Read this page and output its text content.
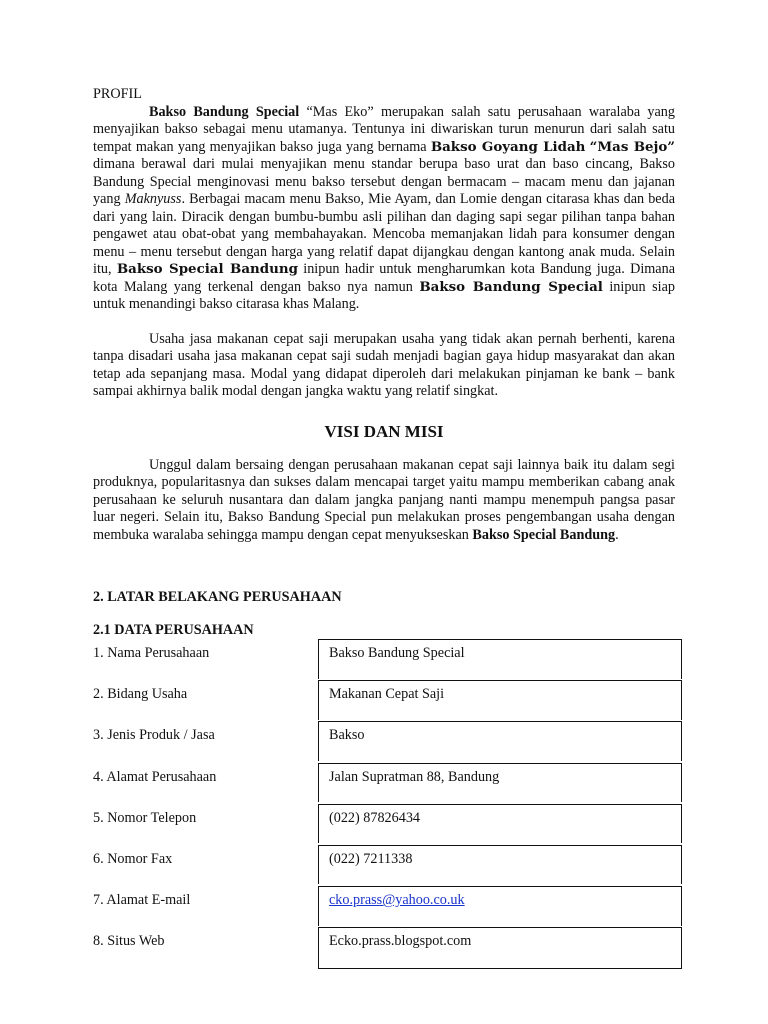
PROFIL

Bakso Bandung Special “Mas Eko” merupakan salah satu perusahaan waralaba yang menyajikan bakso sebagai menu utamanya. Tentunya ini diwariskan turun menurun dari salah satu tempat makan yang menyajikan bakso juga yang bernama Bakso Goyang Lidah “Mas Bejo” dimana berawal dari mulai menyajikan menu standar berupa baso urat dan baso cincang, Bakso Bandung Special menginovasi menu bakso tersebut dengan bermacam – macam menu dan jajanan yang Maknyuss. Berbagai macam menu Bakso, Mie Ayam, dan Lomie dengan citarasa khas dan beda dari yang lain. Diracik dengan bumbu-bumbu asli pilihan dan daging sapi segar pilihan tanpa bahan pengawet atau obat-obat yang membahayakan. Mencoba memanjakan lidah para konsumer dengan menu – menu tersebut dengan harga yang relatif dapat dijangkau dengan kantong anak muda. Selain itu, Bakso Special Bandung inipun hadir untuk mengharumkan kota Bandung juga. Dimana kota Malang yang terkenal dengan bakso nya namun Bakso Bandung Special inipun siap untuk menandingi bakso citarasa khas Malang.

Usaha jasa makanan cepat saji merupakan usaha yang tidak akan pernah berhenti, karena tanpa disadari usaha jasa makanan cepat saji sudah menjadi bagian gaya hidup masyarakat dan akan tetap ada sepanjang masa. Modal yang didapat diperoleh dari melakukan pinjaman ke bank – bank sampai akhirnya balik modal dengan jangka waktu yang relatif singkat.

VISI DAN MISI

Unggul dalam bersaing dengan perusahaan makanan cepat saji lainnya baik itu dalam segi produknya, popularitasnya dan sukses dalam mencapai target yaitu mampu memberikan cabang anak perusahaan ke seluruh nusantara dan dalam jangka panjang nanti mampu menempuh pangsa pasar luar negeri. Selain itu, Bakso Bandung Special pun melakukan proses pengembangan usaha dengan membuka waralaba sehingga mampu dengan cepat menyukseskan Bakso Special Bandung.

2. LATAR BELAKANG PERUSAHAAN

2.1 DATA PERUSAHAAN

1. Nama Perusahaan	Bakso Bandung Special
2. Bidang Usaha	Makanan Cepat Saji
3. Jenis Produk / Jasa	Bakso
4. Alamat Perusahaan	Jalan Supratman 88, Bandung
5. Nomor Telepon	(022) 87826434
6. Nomor Fax	(022) 7211338
7. Alamat E-mail	cko.prass@yahoo.co.uk
8. Situs Web	Ecko.prass.blogspot.com
